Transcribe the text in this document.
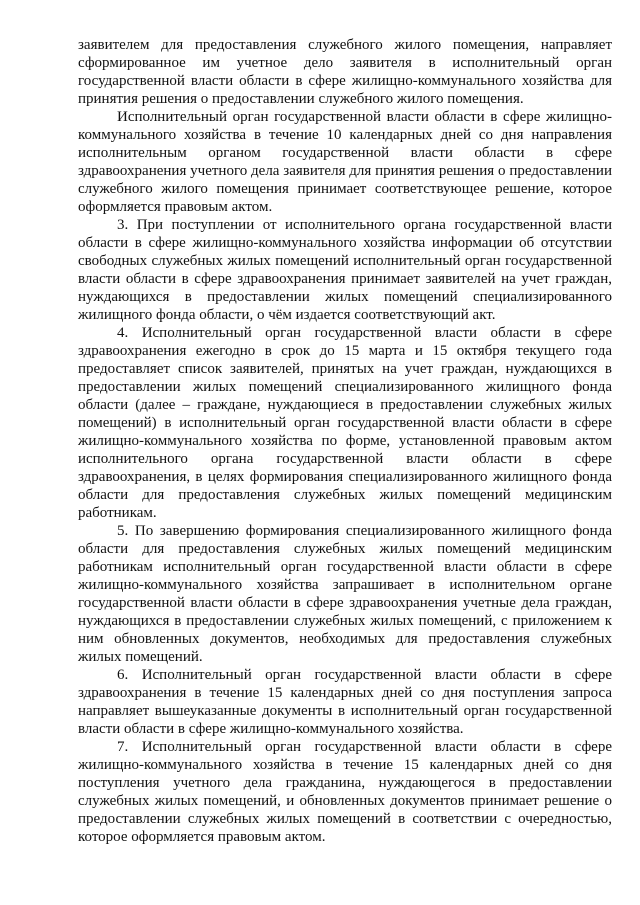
заявителем для предоставления служебного жилого помещения, направляет сформированное им учетное дело заявителя в исполнительный орган государственной власти области в сфере жилищно-коммунального хозяйства для принятия решения о предоставлении служебного жилого помещения.

Исполнительный орган государственной власти области в сфере жилищно-коммунального хозяйства в течение 10 календарных дней со дня направления исполнительным органом государственной власти области в сфере здравоохранения учетного дела заявителя для принятия решения о предоставлении служебного жилого помещения принимает соответствующее решение, которое оформляется правовым актом.

3. При поступлении от исполнительного органа государственной власти области в сфере жилищно-коммунального хозяйства информации об отсутствии свободных служебных жилых помещений исполнительный орган государственной власти области в сфере здравоохранения принимает заявителей на учет граждан, нуждающихся в предоставлении жилых помещений специализированного жилищного фонда области, о чём издается соответствующий акт.

4. Исполнительный орган государственной власти области в сфере здравоохранения ежегодно в срок до 15 марта и 15 октября текущего года предоставляет список заявителей, принятых на учет граждан, нуждающихся в предоставлении жилых помещений специализированного жилищного фонда области (далее – граждане, нуждающиеся в предоставлении служебных жилых помещений) в исполнительный орган государственной власти области в сфере жилищно-коммунального хозяйства по форме, установленной правовым актом исполнительного органа государственной власти области в сфере здравоохранения, в целях формирования специализированного жилищного фонда области для предоставления служебных жилых помещений медицинским работникам.

5. По завершению формирования специализированного жилищного фонда области для предоставления служебных жилых помещений медицинским работникам исполнительный орган государственной власти области в сфере жилищно-коммунального хозяйства запрашивает в исполнительном органе государственной власти области в сфере здравоохранения учетные дела граждан, нуждающихся в предоставлении служебных жилых помещений, с приложением к ним обновленных документов, необходимых для предоставления служебных жилых помещений.

6. Исполнительный орган государственной власти области в сфере здравоохранения в течение 15 календарных дней со дня поступления запроса направляет вышеуказанные документы в исполнительный орган государственной власти области в сфере жилищно-коммунального хозяйства.

7. Исполнительный орган государственной власти области в сфере жилищно-коммунального хозяйства в течение 15 календарных дней со дня поступления учетного дела гражданина, нуждающегося в предоставлении служебных жилых помещений, и обновленных документов принимает решение о предоставлении служебных жилых помещений в соответствии с очередностью, которое оформляется правовым актом.
